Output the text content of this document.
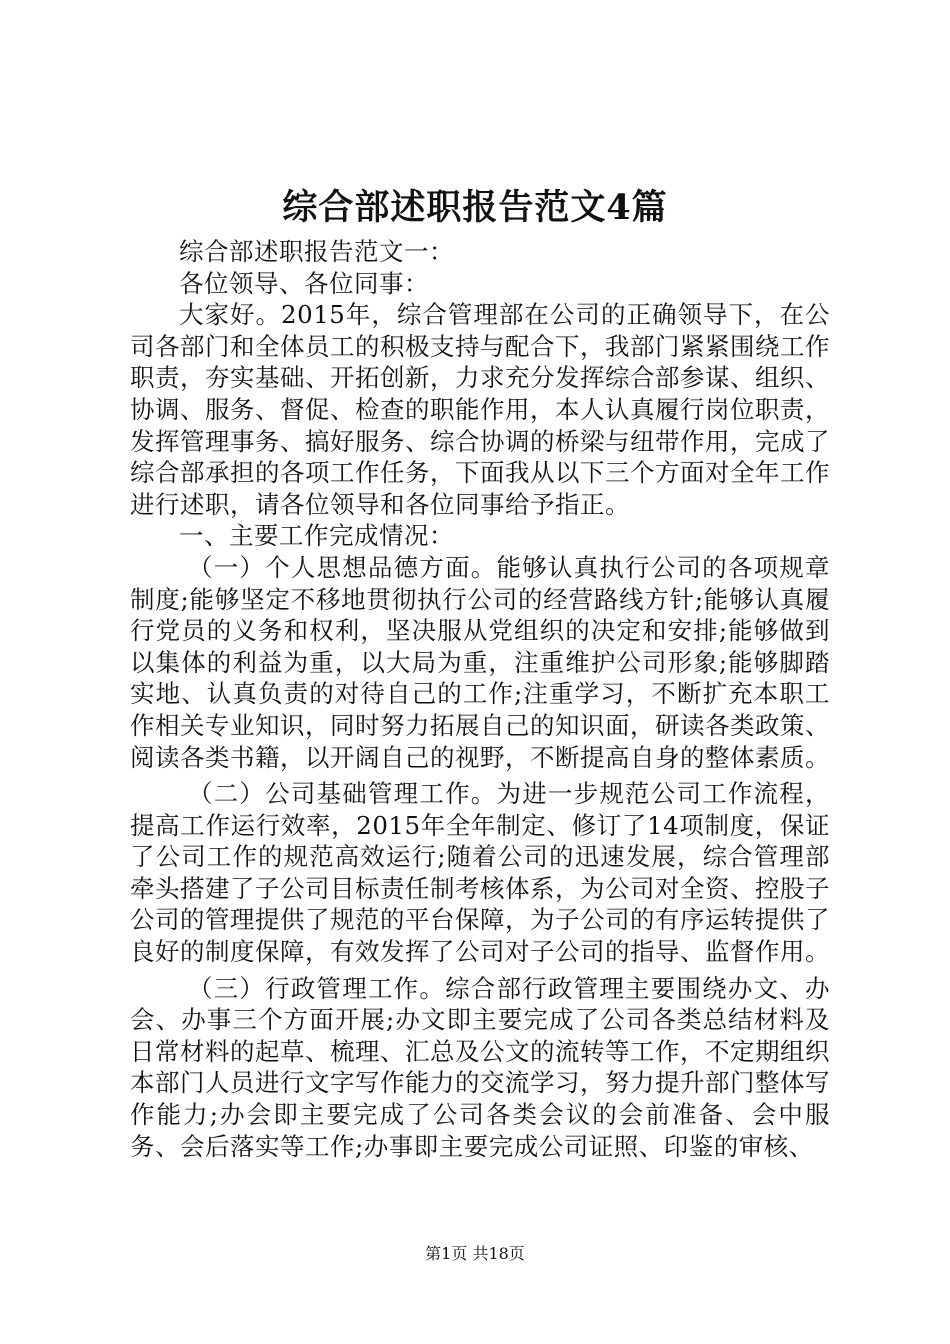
综合部述职报告范文4篇

综合部述职报告范文一：

各位领导、各位同事：

大家好。2015年，综合管理部在公司的正确领导下，在公司各部门和全体员工的积极支持与配合下，我部门紧紧围绕工作职责，夯实基础、开拓创新，力求充分发挥综合部参谋、组织、协调、服务、督促、检查的职能作用，本人认真履行岗位职责，发挥管理事务、搞好服务、综合协调的桥梁与纽带作用，完成了综合部承担的各项工作任务，下面我从以下三个方面对全年工作进行述职，请各位领导和各位同事给予指正。

一、主要工作完成情况：

（一）个人思想品德方面。能够认真执行公司的各项规章制度;能够坚定不移地贯彻执行公司的经营路线方针;能够认真履行党员的义务和权利，坚决服从党组织的决定和安排;能够做到以集体的利益为重，以大局为重，注重维护公司形象;能够脚踏实地、认真负责的对待自己的工作;注重学习，不断扩充本职工作相关专业知识，同时努力拓展自己的知识面，研读各类政策、阅读各类书籍，以开阔自己的视野，不断提高自身的整体素质。

（二）公司基础管理工作。为进一步规范公司工作流程，提高工作运行效率，2015年全年制定、修订了14项制度，保证了公司工作的规范高效运行;随着公司的迅速发展，综合管理部牵头搭建了子公司目标责任制考核体系，为公司对全资、控股子公司的管理提供了规范的平台保障，为子公司的有序运转提供了良好的制度保障，有效发挥了公司对子公司的指导、监督作用。

（三）行政管理工作。综合部行政管理主要围绕办文、办会、办事三个方面开展;办文即主要完成了公司各类总结材料及日常材料的起草、梳理、汇总及公文的流转等工作，不定期组织本部门人员进行文字写作能力的交流学习，努力提升部门整体写作能力;办会即主要完成了公司各类会议的会前准备、会中服务、会后落实等工作;办事即主要完成公司证照、印鉴的审核、

第1页 共18页
